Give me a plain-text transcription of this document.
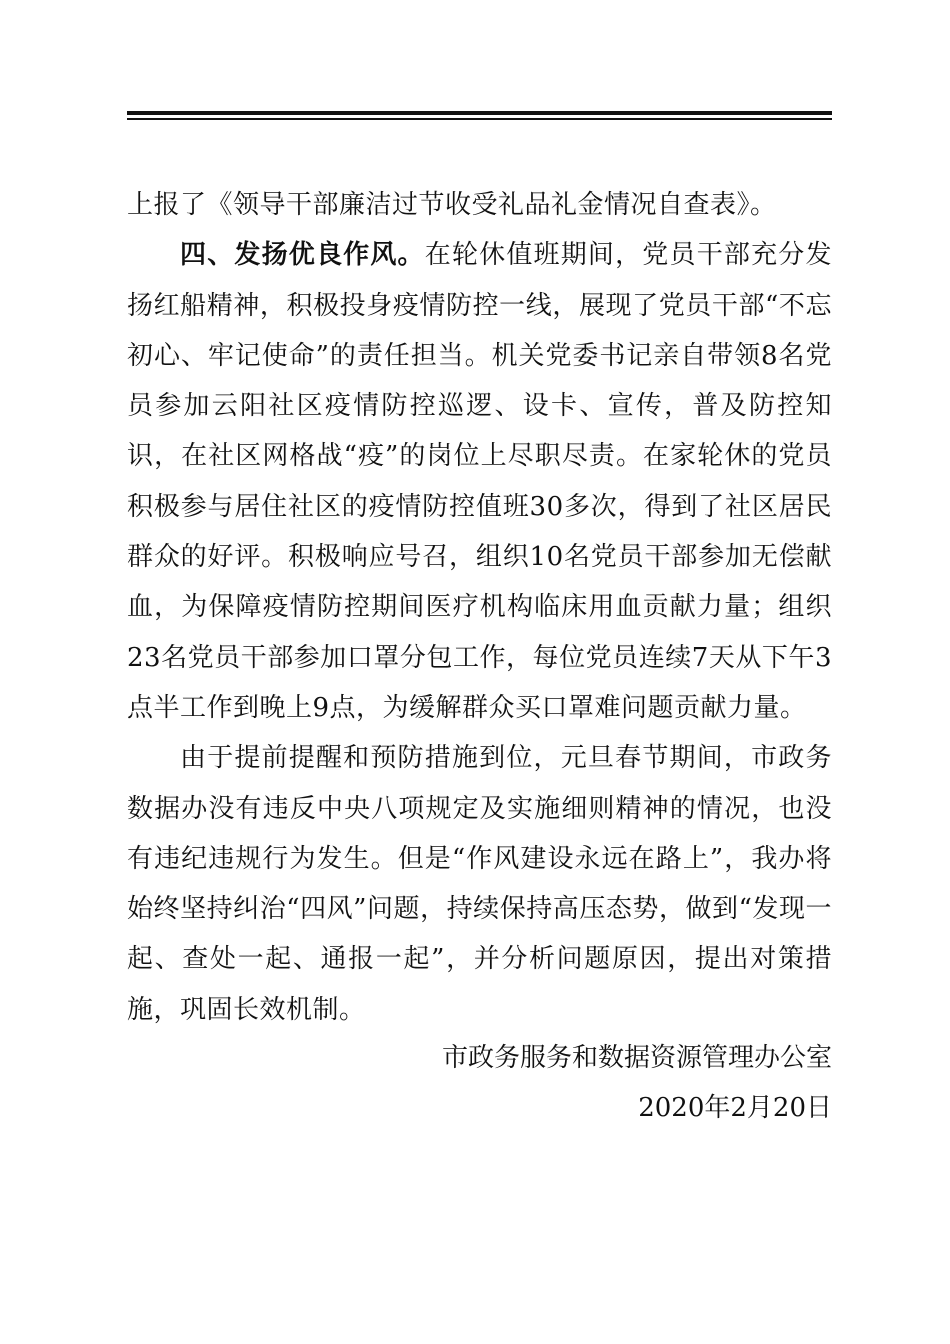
上报了《领导干部廉洁过节收受礼品礼金情况自查表》。

四、发扬优良作风。在轮休值班期间，党员干部充分发扬红船精神，积极投身疫情防控一线，展现了党员干部“不忘初心、牢记使命”的责任担当。机关党委书记亲自带领8名党员参加云阳社区疫情防控巡逻、设卡、宣传，普及防控知识，在社区网格战“疫”的岗位上尽职尽责。在家轮休的党员积极参与居住社区的疫情防控值班30多次，得到了社区居民群众的好评。积极响应号召，组织10名党员干部参加无偿献血，为保障疫情防控期间医疗机构临床用血贡献力量；组织23名党员干部参加口罩分包工作，每位党员连续7天从下午3点半工作到晚上9点，为缓解群众买口罩难问题贡献力量。

由于提前提醒和预防措施到位，元旦春节期间，市政务数据办没有违反中央八项规定及实施细则精神的情况，也没有违纪违规行为发生。但是“作风建设永远在路上”，我办将始终坚持纠治“四风”问题，持续保持高压态势，做到“发现一起、查处一起、通报一起”，并分析问题原因，提出对策措施，巩固长效机制。

市政务服务和数据资源管理办公室
2020年2月20日
